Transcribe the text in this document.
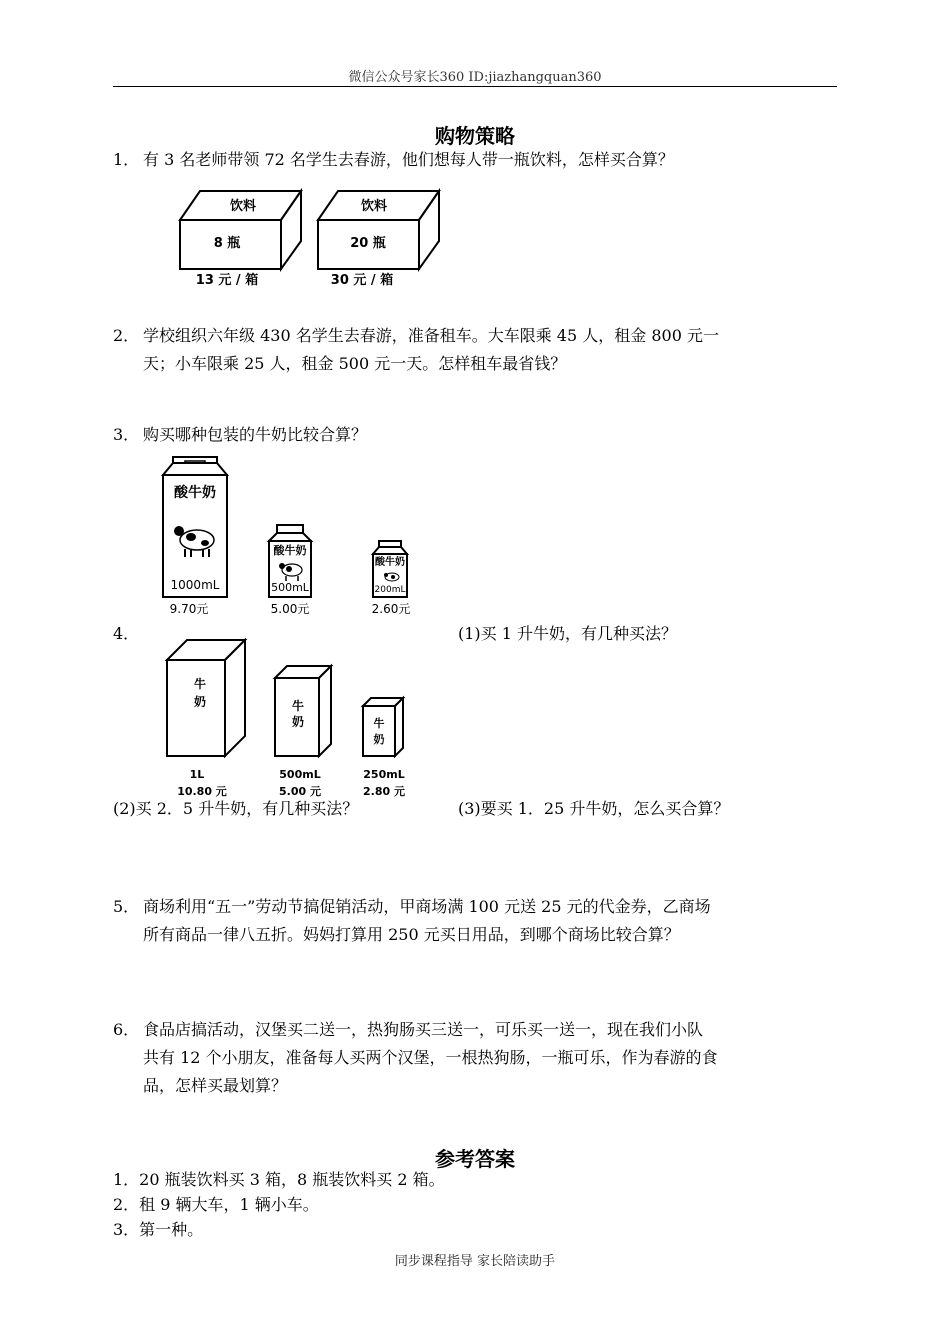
微信公众号家长360 ID:jiazhangquan360
购物策略
1． 有 3 名老师带领 72 名学生去春游，他们想每人带一瓶饮料，怎样买合算？
饮料
8 瓶
13 元 / 箱
饮料
20 瓶
30 元 / 箱
2． 学校组织六年级 430 名学生去春游，准备租车。大车限乘 45 人，租金 800 元一
天；小车限乘 25 人，租金 500 元一天。怎样租车最省钱？
3． 购买哪种包装的牛奶比较合算？
酸牛奶
1000mL
9.70元
酸牛奶
500mL
5.00元
酸牛奶
200mL
2.60元
4．	(1)买 1 升牛奶，有几种买法？
牛
奶
1L
10.80 元
牛
奶
500mL
5.00 元
牛
奶
250mL
2.80 元
(2)买 2．5 升牛奶，有几种买法？	(3)要买 1．25 升牛奶，怎么买合算？
5． 商场利用“五一”劳动节搞促销活动，甲商场满 100 元送 25 元的代金券，乙商场
所有商品一律八五折。妈妈打算用 250 元买日用品，到哪个商场比较合算？
6． 食品店搞活动，汉堡买二送一，热狗肠买三送一，可乐买一送一，现在我们小队
共有 12 个小朋友，准备每人买两个汉堡，一根热狗肠，一瓶可乐，作为春游的食
品，怎样买最划算？
参考答案
1．20 瓶装饮料买 3 箱，8 瓶装饮料买 2 箱。
2．租 9 辆大车，1 辆小车。
3．第一种。
同步课程指导 家长陪读助手
